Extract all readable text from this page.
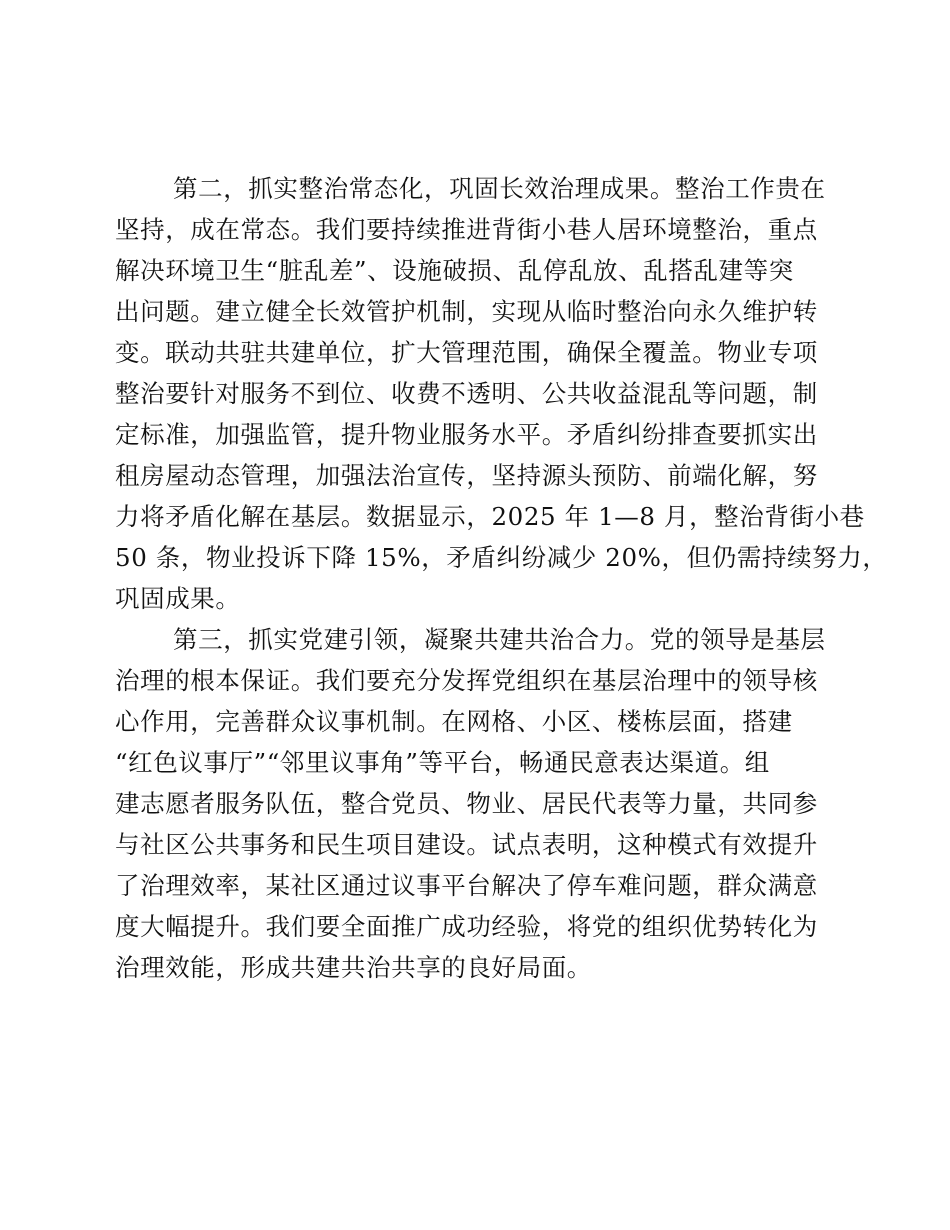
第二，抓实整治常态化，巩固长效治理成果。整治工作贵在
坚持，成在常态。我们要持续推进背街小巷人居环境整治，重点
解决环境卫生“脏乱差”、设施破损、乱停乱放、乱搭乱建等突
出问题。建立健全长效管护机制，实现从临时整治向永久维护转
变。联动共驻共建单位，扩大管理范围，确保全覆盖。物业专项
整治要针对服务不到位、收费不透明、公共收益混乱等问题，制
定标准，加强监管，提升物业服务水平。矛盾纠纷排查要抓实出
租房屋动态管理，加强法治宣传，坚持源头预防、前端化解，努
力将矛盾化解在基层。数据显示，2025 年 1—8 月，整治背街小巷
50 条，物业投诉下降 15%，矛盾纠纷减少 20%，但仍需持续努力，
巩固成果。
第三，抓实党建引领，凝聚共建共治合力。党的领导是基层
治理的根本保证。我们要充分发挥党组织在基层治理中的领导核
心作用，完善群众议事机制。在网格、小区、楼栋层面，搭建
“红色议事厅”“邻里议事角”等平台，畅通民意表达渠道。组
建志愿者服务队伍，整合党员、物业、居民代表等力量，共同参
与社区公共事务和民生项目建设。试点表明，这种模式有效提升
了治理效率，某社区通过议事平台解决了停车难问题，群众满意
度大幅提升。我们要全面推广成功经验，将党的组织优势转化为
治理效能，形成共建共治共享的良好局面。
